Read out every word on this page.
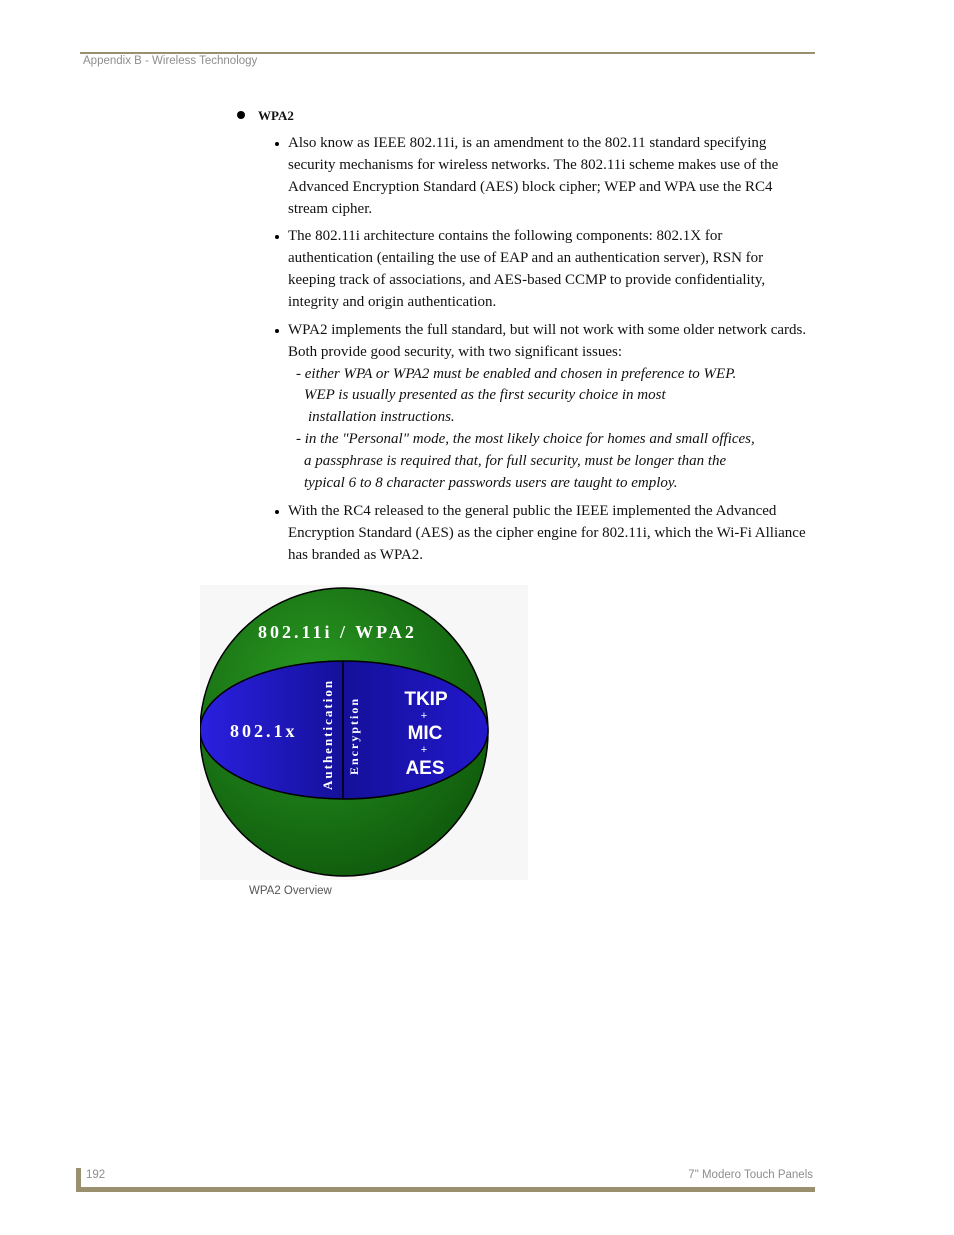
Appendix B - Wireless Technology
WPA2
Also know as IEEE 802.11i, is an amendment to the 802.11 standard specifying security mechanisms for wireless networks. The 802.11i scheme makes use of the Advanced Encryption Standard (AES) block cipher; WEP and WPA use the RC4 stream cipher.
The 802.11i architecture contains the following components: 802.1X for authentication (entailing the use of EAP and an authentication server), RSN for keeping track of associations, and AES-based CCMP to provide confidentiality, integrity and origin authentication.
WPA2 implements the full standard, but will not work with some older network cards. Both provide good security, with two significant issues:
- either WPA or WPA2 must be enabled and chosen in preference to WEP.
WEP is usually presented as the first security choice in most
installation instructions.
- in the "Personal" mode, the most likely choice for homes and small offices,
a passphrase is required that, for full security, must be longer than the
typical 6 to 8 character passwords users are taught to employ.
With the RC4 released to the general public the IEEE implemented the Advanced Encryption Standard (AES) as the cipher engine for 802.11i, which the Wi-Fi Alliance has branded as WPA2.
802.11i / WPA2
802.1x Authentication Encryption TKIP
+
MIC
+
AES
WPA2 Overview
192	7" Modero Touch Panels
